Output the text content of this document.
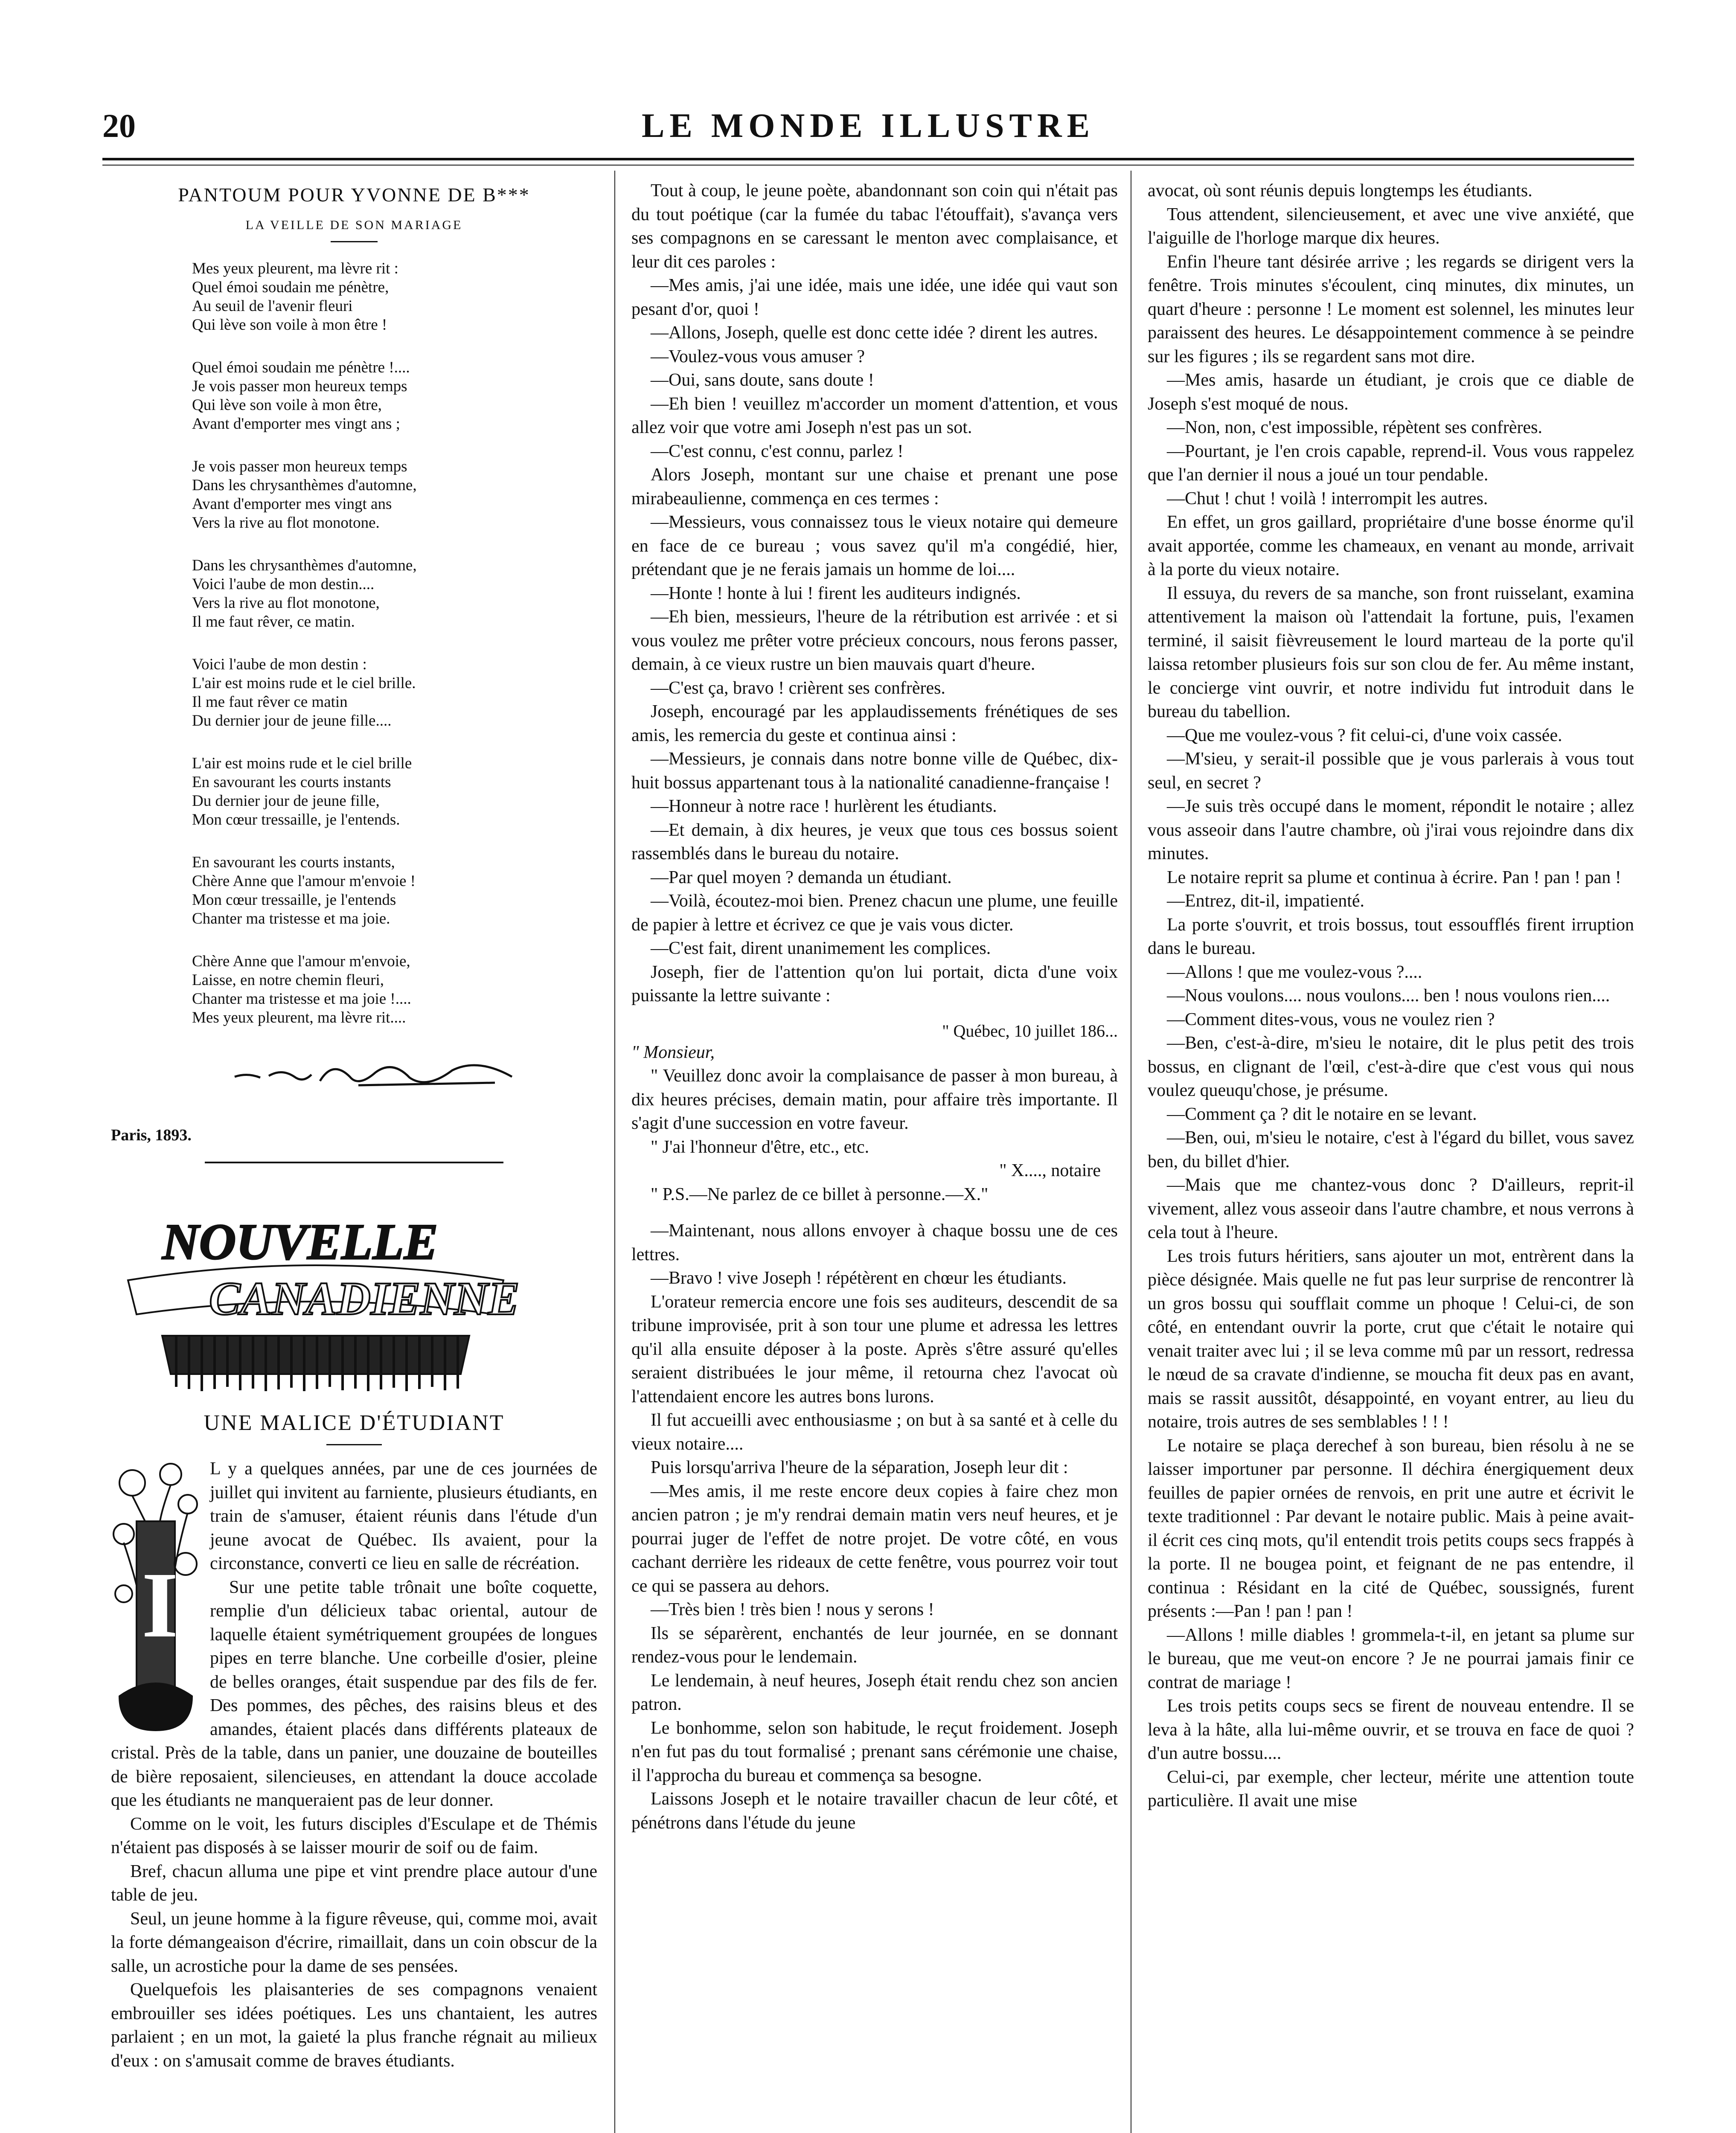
20	LE MONDE ILLUSTRE
PANTOUM POUR YVONNE DE B***
LA VEILLE DE SON MARIAGE
Mes yeux pleurent, ma lèvre rit :
Quel émoi soudain me pénètre,
Au seuil de l'avenir fleuri
Qui lève son voile à mon être !
Quel émoi soudain me pénètre !....
Je vois passer mon heureux temps
Qui lève son voile à mon être,
Avant d'emporter mes vingt ans ;
Je vois passer mon heureux temps
Dans les chrysanthèmes d'automne,
Avant d'emporter mes vingt ans
Vers la rive au flot monotone.
Dans les chrysanthèmes d'automne,
Voici l'aube de mon destin....
Vers la rive au flot monotone,
Il me faut rêver, ce matin.
Voici l'aube de mon destin :
L'air est moins rude et le ciel brille.
Il me faut rêver ce matin
Du dernier jour de jeune fille....
L'air est moins rude et le ciel brille
En savourant les courts instants
Du dernier jour de jeune fille,
Mon cœur tressaille, je l'entends.
En savourant les courts instants,
Chère Anne que l'amour m'envoie !
Mon cœur tressaille, je l'entends
Chanter ma tristesse et ma joie.
Chère Anne que l'amour m'envoie,
Laisse, en notre chemin fleuri,
Chanter ma tristesse et ma joie !....
Mes yeux pleurent, ma lèvre rit....
Paris, 1893.
NOUVELLE
CANADIENNE
UNE MALICE D'ÉTUDIANT
I

L y a quelques années, par une de ces journées de juillet qui invitent au farniente, plusieurs étudiants, en train de s'amuser, étaient réunis dans l'étude d'un jeune avocat de Québec. Ils avaient, pour la circonstance, converti ce lieu en salle de récréation.

Sur une petite table trônait une boîte coquette, remplie d'un délicieux tabac oriental, autour de laquelle étaient symétriquement groupées de longues pipes en terre blanche. Une corbeille d'osier, pleine de belles oranges, était suspendue par des fils de fer. Des pommes, des pêches, des raisins bleus et des amandes, étaient placés dans différents plateaux de cristal. Près de la table, dans un panier, une douzaine de bouteilles de bière reposaient, silencieuses, en attendant la douce accolade que les étudiants ne manqueraient pas de leur donner.

Comme on le voit, les futurs disciples d'Esculape et de Thémis n'étaient pas disposés à se laisser mourir de soif ou de faim.

Bref, chacun alluma une pipe et vint prendre place autour d'une table de jeu.

Seul, un jeune homme à la figure rêveuse, qui, comme moi, avait la forte démangeaison d'écrire, rimaillait, dans un coin obscur de la salle, un acrostiche pour la dame de ses pensées.

Quelquefois les plaisanteries de ses compagnons venaient embrouiller ses idées poétiques. Les uns chantaient, les autres parlaient ; en un mot, la gaieté la plus franche régnait au milieux d'eux : on s'amusait comme de braves étudiants.

Tout à coup, le jeune poète, abandonnant son coin qui n'était pas du tout poétique (car la fumée du tabac l'étouffait), s'avança vers ses compagnons en se caressant le menton avec complaisance, et leur dit ces paroles :

—Mes amis, j'ai une idée, mais une idée, une idée qui vaut son pesant d'or, quoi !

—Allons, Joseph, quelle est donc cette idée ? dirent les autres.

—Voulez-vous vous amuser ?

—Oui, sans doute, sans doute !

—Eh bien ! veuillez m'accorder un moment d'attention, et vous allez voir que votre ami Joseph n'est pas un sot.

—C'est connu, c'est connu, parlez !

Alors Joseph, montant sur une chaise et prenant une pose mirabeaulienne, commença en ces termes :

—Messieurs, vous connaissez tous le vieux notaire qui demeure en face de ce bureau ; vous savez qu'il m'a congédié, hier, prétendant que je ne ferais jamais un homme de loi....

—Honte ! honte à lui ! firent les auditeurs indignés.

—Eh bien, messieurs, l'heure de la rétribution est arrivée : et si vous voulez me prêter votre précieux concours, nous ferons passer, demain, à ce vieux rustre un bien mauvais quart d'heure.

—C'est ça, bravo ! crièrent ses confrères.

Joseph, encouragé par les applaudissements frénétiques de ses amis, les remercia du geste et continua ainsi :

—Messieurs, je connais dans notre bonne ville de Québec, dix-huit bossus appartenant tous à la nationalité canadienne-française !

—Honneur à notre race ! hurlèrent les étudiants.

—Et demain, à dix heures, je veux que tous ces bossus soient rassemblés dans le bureau du notaire.

—Par quel moyen ? demanda un étudiant.

—Voilà, écoutez-moi bien. Prenez chacun une plume, une feuille de papier à lettre et écrivez ce que je vais vous dicter.

—C'est fait, dirent unanimement les complices.

Joseph, fier de l'attention qu'on lui portait, dicta d'une voix puissante la lettre suivante :

" Québec, 10 juillet 186...

" Monsieur,

" Veuillez donc avoir la complaisance de passer à mon bureau, à dix heures précises, demain matin, pour affaire très importante. Il s'agit d'une succession en votre faveur.

" J'ai l'honneur d'être, etc., etc.

" X...., notaire

" P.S.—Ne parlez de ce billet à personne.—X."

—Maintenant, nous allons envoyer à chaque bossu une de ces lettres.

—Bravo ! vive Joseph ! répétèrent en chœur les étudiants.

L'orateur remercia encore une fois ses auditeurs, descendit de sa tribune improvisée, prit à son tour une plume et adressa les lettres qu'il alla ensuite déposer à la poste. Après s'être assuré qu'elles seraient distribuées le jour même, il retourna chez l'avocat où l'attendaient encore les autres bons lurons.

Il fut accueilli avec enthousiasme ; on but à sa santé et à celle du vieux notaire....

Puis lorsqu'arriva l'heure de la séparation, Joseph leur dit :

—Mes amis, il me reste encore deux copies à faire chez mon ancien patron ; je m'y rendrai demain matin vers neuf heures, et je pourrai juger de l'effet de notre projet. De votre côté, en vous cachant derrière les rideaux de cette fenêtre, vous pourrez voir tout ce qui se passera au dehors.

—Très bien ! très bien ! nous y serons !

Ils se séparèrent, enchantés de leur journée, en se donnant rendez-vous pour le lendemain.

Le lendemain, à neuf heures, Joseph était rendu chez son ancien patron.

Le bonhomme, selon son habitude, le reçut froidement. Joseph n'en fut pas du tout formalisé ; prenant sans cérémonie une chaise, il l'approcha du bureau et commença sa besogne.

Laissons Joseph et le notaire travailler chacun de leur côté, et pénétrons dans l'étude du jeune

avocat, où sont réunis depuis longtemps les étudiants.

Tous attendent, silencieusement, et avec une vive anxiété, que l'aiguille de l'horloge marque dix heures.

Enfin l'heure tant désirée arrive ; les regards se dirigent vers la fenêtre. Trois minutes s'écoulent, cinq minutes, dix minutes, un quart d'heure : personne ! Le moment est solennel, les minutes leur paraissent des heures. Le désappointement commence à se peindre sur les figures ; ils se regardent sans mot dire.

—Mes amis, hasarde un étudiant, je crois que ce diable de Joseph s'est moqué de nous.

—Non, non, c'est impossible, répètent ses confrères.

—Pourtant, je l'en crois capable, reprend-il. Vous vous rappelez que l'an dernier il nous a joué un tour pendable.

—Chut ! chut ! voilà ! interrompit les autres.

En effet, un gros gaillard, propriétaire d'une bosse énorme qu'il avait apportée, comme les chameaux, en venant au monde, arrivait à la porte du vieux notaire.

Il essuya, du revers de sa manche, son front ruisselant, examina attentivement la maison où l'attendait la fortune, puis, l'examen terminé, il saisit fièvreusement le lourd marteau de la porte qu'il laissa retomber plusieurs fois sur son clou de fer. Au même instant, le concierge vint ouvrir, et notre individu fut introduit dans le bureau du tabellion.

—Que me voulez-vous ? fit celui-ci, d'une voix cassée.

—M'sieu, y serait-il possible que je vous parlerais à vous tout seul, en secret ?

—Je suis très occupé dans le moment, répondit le notaire ; allez vous asseoir dans l'autre chambre, où j'irai vous rejoindre dans dix minutes.

Le notaire reprit sa plume et continua à écrire. Pan ! pan ! pan !

—Entrez, dit-il, impatienté.

La porte s'ouvrit, et trois bossus, tout essoufflés firent irruption dans le bureau.

—Allons ! que me voulez-vous ?....

—Nous voulons.... nous voulons.... ben ! nous voulons rien....

—Comment dites-vous, vous ne voulez rien ?

—Ben, c'est-à-dire, m'sieu le notaire, dit le plus petit des trois bossus, en clignant de l'œil, c'est-à-dire que c'est vous qui nous voulez queuqu'chose, je présume.

—Comment ça ? dit le notaire en se levant.

—Ben, oui, m'sieu le notaire, c'est à l'égard du billet, vous savez ben, du billet d'hier.

—Mais que me chantez-vous donc ? D'ailleurs, reprit-il vivement, allez vous asseoir dans l'autre chambre, et nous verrons à cela tout à l'heure.

Les trois futurs héritiers, sans ajouter un mot, entrèrent dans la pièce désignée. Mais quelle ne fut pas leur surprise de rencontrer là un gros bossu qui soufflait comme un phoque ! Celui-ci, de son côté, en entendant ouvrir la porte, crut que c'était le notaire qui venait traiter avec lui ; il se leva comme mû par un ressort, redressa le nœud de sa cravate d'indienne, se moucha fit deux pas en avant, mais se rassit aussitôt, désappointé, en voyant entrer, au lieu du notaire, trois autres de ses semblables ! ! !

Le notaire se plaça derechef à son bureau, bien résolu à ne se laisser importuner par personne. Il déchira énergiquement deux feuilles de papier ornées de renvois, en prit une autre et écrivit le texte traditionnel : Par devant le notaire public. Mais à peine avait-il écrit ces cinq mots, qu'il entendit trois petits coups secs frappés à la porte. Il ne bougea point, et feignant de ne pas entendre, il continua : Résidant en la cité de Québec, soussignés, furent présents :—Pan ! pan ! pan !

—Allons ! mille diables ! grommela-t-il, en jetant sa plume sur le bureau, que me veut-on encore ? Je ne pourrai jamais finir ce contrat de mariage !

Les trois petits coups secs se firent de nouveau entendre. Il se leva à la hâte, alla lui-même ouvrir, et se trouva en face de quoi ? d'un autre bossu....

Celui-ci, par exemple, cher lecteur, mérite une attention toute particulière. Il avait une mise
